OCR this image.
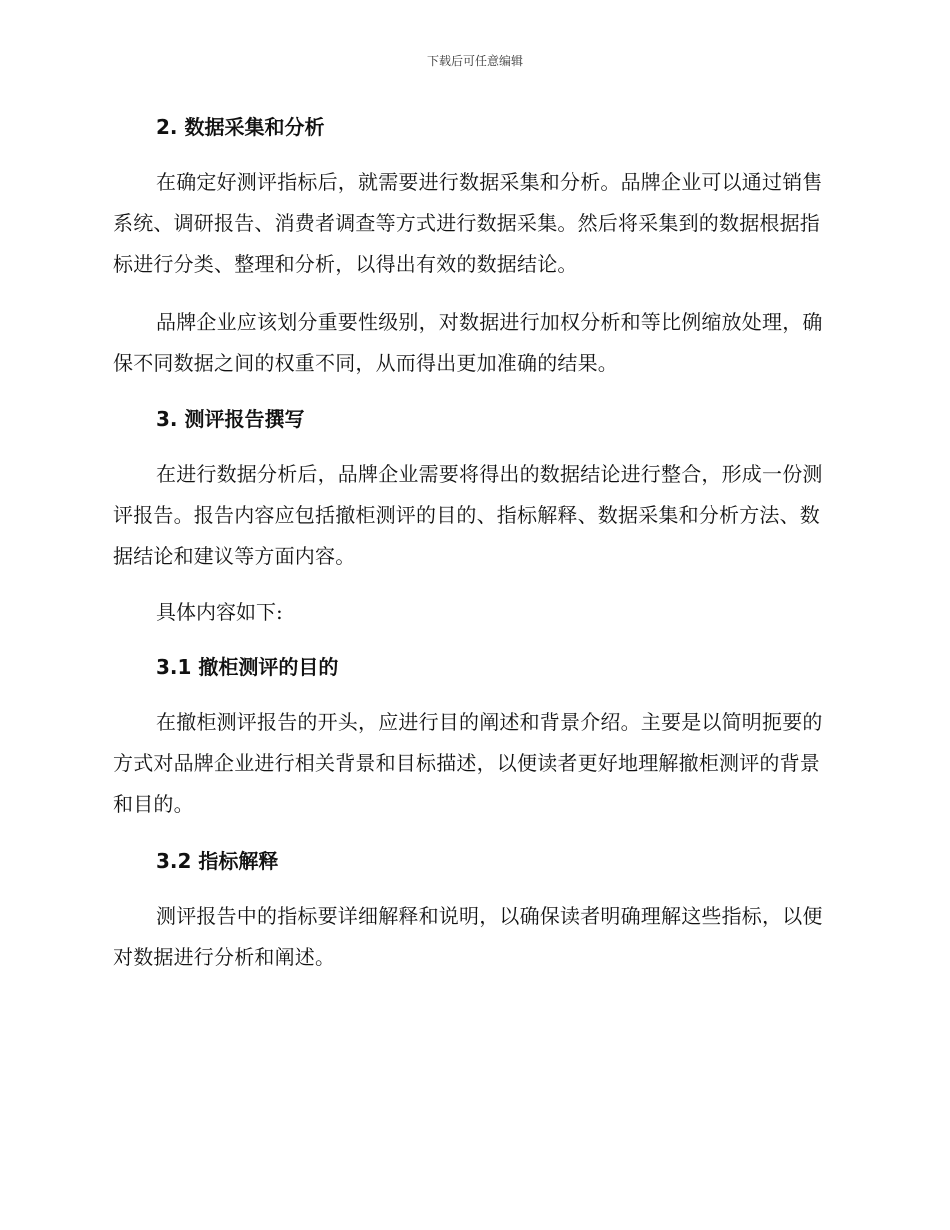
下载后可任意编辑
2. 数据采集和分析
在确定好测评指标后，就需要进行数据采集和分析。品牌企业可以通过销售系统、调研报告、消费者调查等方式进行数据采集。然后将采集到的数据根据指标进行分类、整理和分析，以得出有效的数据结论。
品牌企业应该划分重要性级别，对数据进行加权分析和等比例缩放处理，确保不同数据之间的权重不同，从而得出更加准确的结果。
3. 测评报告撰写
在进行数据分析后，品牌企业需要将得出的数据结论进行整合，形成一份测评报告。报告内容应包括撤柜测评的目的、指标解释、数据采集和分析方法、数据结论和建议等方面内容。
具体内容如下:
3.1 撤柜测评的目的
在撤柜测评报告的开头，应进行目的阐述和背景介绍。主要是以简明扼要的方式对品牌企业进行相关背景和目标描述，以便读者更好地理解撤柜测评的背景和目的。
3.2 指标解释
测评报告中的指标要详细解释和说明，以确保读者明确理解这些指标，以便对数据进行分析和阐述。
